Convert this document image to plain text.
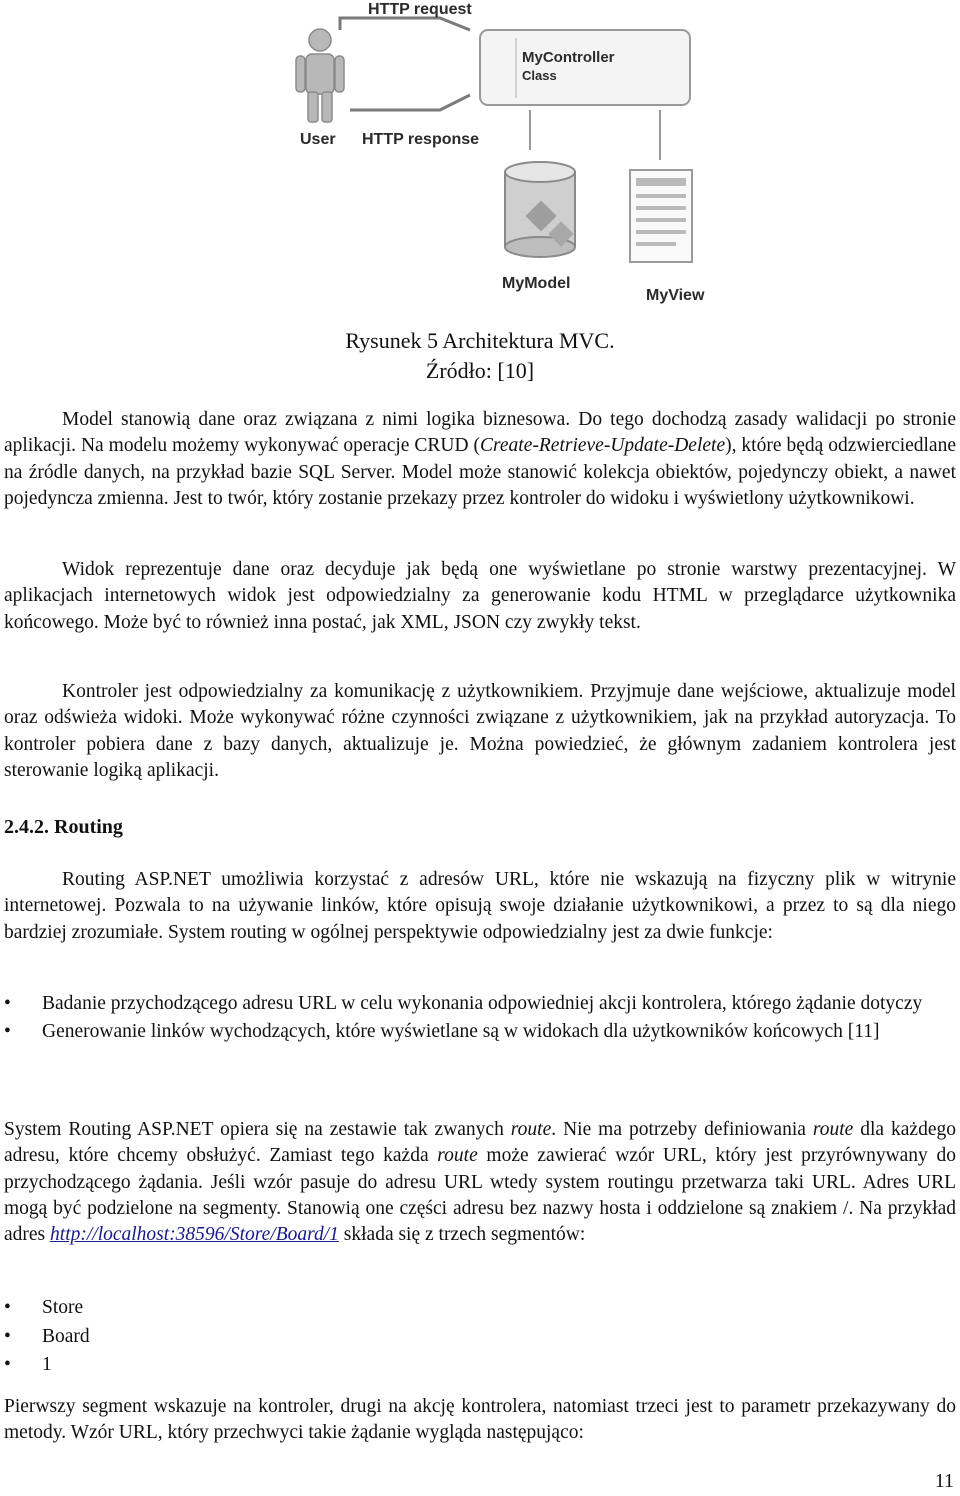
HTTP request
User HTTP response
MyController
Class
MyModel
MyView
Rysunek 5 Architektura MVC.
Źródło: [10]

Model stanowią dane oraz związana z nimi logika biznesowa. Do tego dochodzą zasady walidacji po stronie aplikacji. Na modelu możemy wykonywać operacje CRUD (Create-Retrieve-Update-Delete), które będą odzwierciedlane na źródle danych, na przykład bazie SQL Server. Model może stanowić kolekcja obiektów, pojedynczy obiekt, a nawet pojedyncza zmienna. Jest to twór, który zostanie przekazy przez kontroler do widoku i wyświetlony użytkownikowi.

Widok reprezentuje dane oraz decyduje jak będą one wyświetlane po stronie warstwy prezentacyjnej. W aplikacjach internetowych widok jest odpowiedzialny za generowanie kodu HTML w przeglądarce użytkownika końcowego. Może być to również inna postać, jak XML, JSON czy zwykły tekst.

Kontroler jest odpowiedzialny za komunikację z użytkownikiem. Przyjmuje dane wejściowe, aktualizuje model oraz odświeża widoki. Może wykonywać różne czynności związane z użytkownikiem, jak na przykład autoryzacja. To kontroler pobiera dane z bazy danych, aktualizuje je. Można powiedzieć, że głównym zadaniem kontrolera jest sterowanie logiką aplikacji.

2.4.2. Routing

Routing ASP.NET umożliwia korzystać z adresów URL, które nie wskazują na fizyczny plik w witrynie internetowej. Pozwala to na używanie linków, które opisują swoje działanie użytkownikowi, a przez to są dla niego bardziej zrozumiałe. System routing w ogólnej perspektywie odpowiedzialny jest za dwie funkcje:

• Badanie przychodzącego adresu URL w celu wykonania odpowiedniej akcji kontrolera, którego żądanie dotyczy
• Generowanie linków wychodzących, które wyświetlane są w widokach dla użytkowników końcowych [11]

System Routing ASP.NET opiera się na zestawie tak zwanych route. Nie ma potrzeby definiowania route dla każdego adresu, które chcemy obsłużyć. Zamiast tego każda route może zawierać wzór URL, który jest przyrównywany do przychodzącego żądania. Jeśli wzór pasuje do adresu URL wtedy system routingu przetwarza taki URL. Adres URL mogą być podzielone na segmenty. Stanowią one części adresu bez nazwy hosta i oddzielone są znakiem /. Na przykład adres http://localhost:38596/Store/Board/1 składa się z trzech segmentów:

• Store
• Board
• 1

Pierwszy segment wskazuje na kontroler, drugi na akcję kontrolera, natomiast trzeci jest to parametr przekazywany do metody. Wzór URL, który przechwyci takie żądanie wygląda następująco:

11
